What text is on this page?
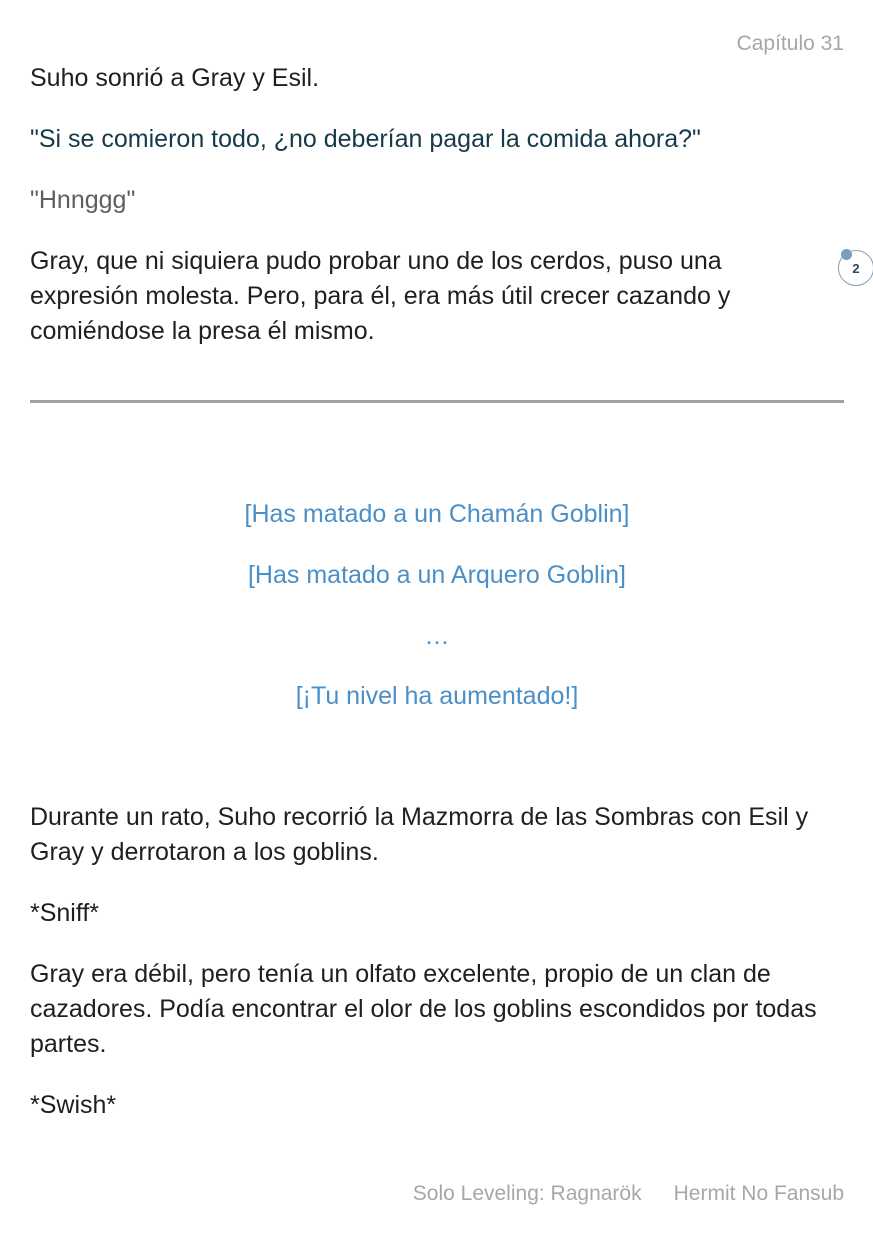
Capítulo 31

Suho sonrió a Gray y Esil.

"Si se comieron todo, ¿no deberían pagar la comida ahora?"

"Hnnggg"

Gray, que ni siquiera pudo probar uno de los cerdos, puso una expresión molesta. Pero, para él, era más útil crecer cazando y comiéndose la presa él mismo.

2

[Has matado a un Chamán Goblin]

[Has matado a un Arquero Goblin]

…

[¡Tu nivel ha aumentado!]

Durante un rato, Suho recorrió la Mazmorra de las Sombras con Esil y Gray y derrotaron a los goblins.

*Sniff*

Gray era débil, pero tenía un olfato excelente, propio de un clan de cazadores. Podía encontrar el olor de los goblins escondidos por todas partes.

*Swish*

Solo Leveling: Ragnarök Hermit No Fansub
